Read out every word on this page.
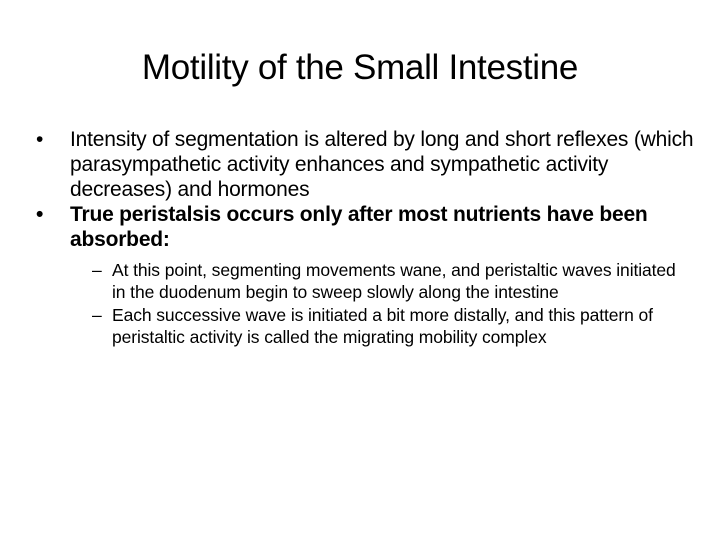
Motility of the Small Intestine
•	Intensity of segmentation is altered by long and short reflexes (which parasympathetic activity enhances and sympathetic activity decreases) and hormones
•	True peristalsis occurs only after most nutrients have been absorbed:
– At this point, segmenting movements wane, and peristaltic waves initiated in the duodenum begin to sweep slowly along the intestine
– Each successive wave is initiated a bit more distally, and this pattern of peristaltic activity is called the migrating mobility complex
